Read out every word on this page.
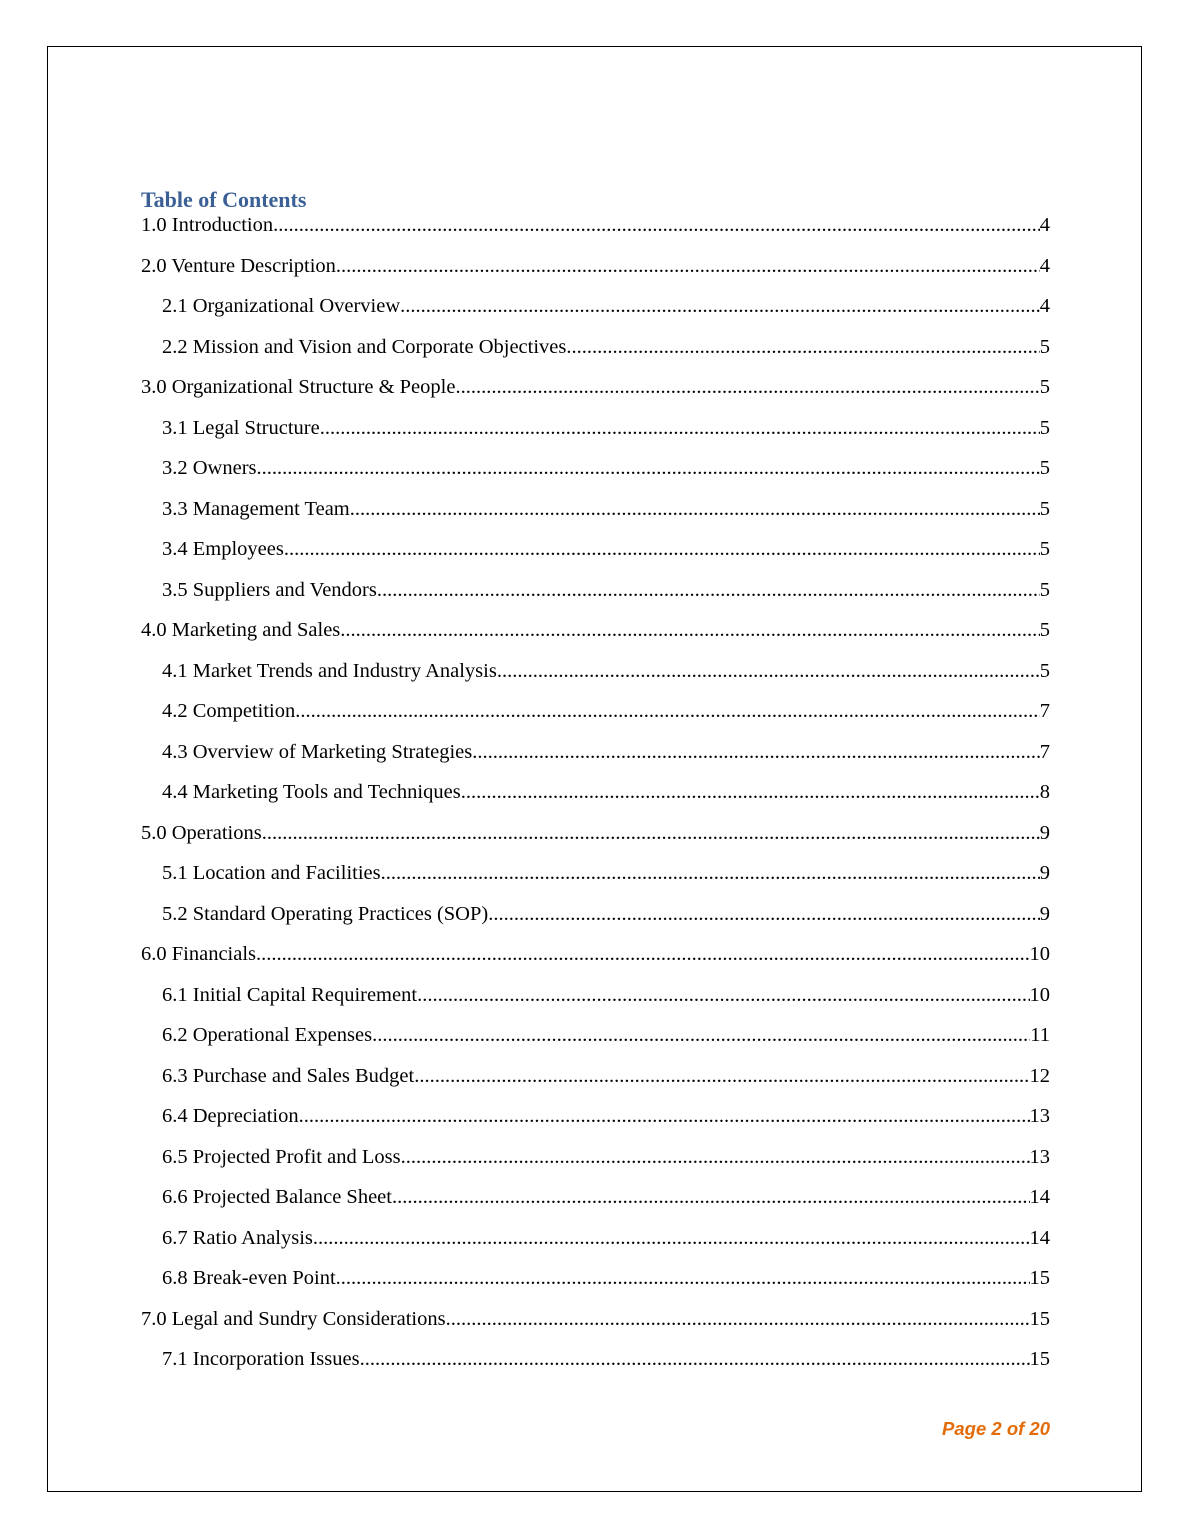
Table of Contents
1.0 Introduction .....	4
2.0 Venture Description .....	4
2.1 Organizational Overview .....	4
2.2 Mission and Vision and Corporate Objectives .....	5
3.0 Organizational Structure & People .....	5
3.1 Legal Structure .....	5
3.2 Owners .....	5
3.3 Management Team .....	5
3.4 Employees .....	5
3.5 Suppliers and Vendors .....	5
4.0 Marketing and Sales .....	5
4.1 Market Trends and Industry Analysis .....	5
4.2 Competition .....	7
4.3 Overview of Marketing Strategies .....	7
4.4 Marketing Tools and Techniques .....	8
5.0 Operations .....	9
5.1 Location and Facilities .....	9
5.2 Standard Operating Practices (SOP) .....	9
6.0 Financials .....	10
6.1 Initial Capital Requirement .....	10
6.2 Operational Expenses .....	11
6.3 Purchase and Sales Budget .....	12
6.4 Depreciation .....	13
6.5 Projected Profit and Loss .....	13
6.6 Projected Balance Sheet .....	14
6.7 Ratio Analysis .....	14
6.8 Break-even Point .....	15
7.0 Legal and Sundry Considerations .....	15
7.1 Incorporation Issues .....	15
Page 2 of 20
